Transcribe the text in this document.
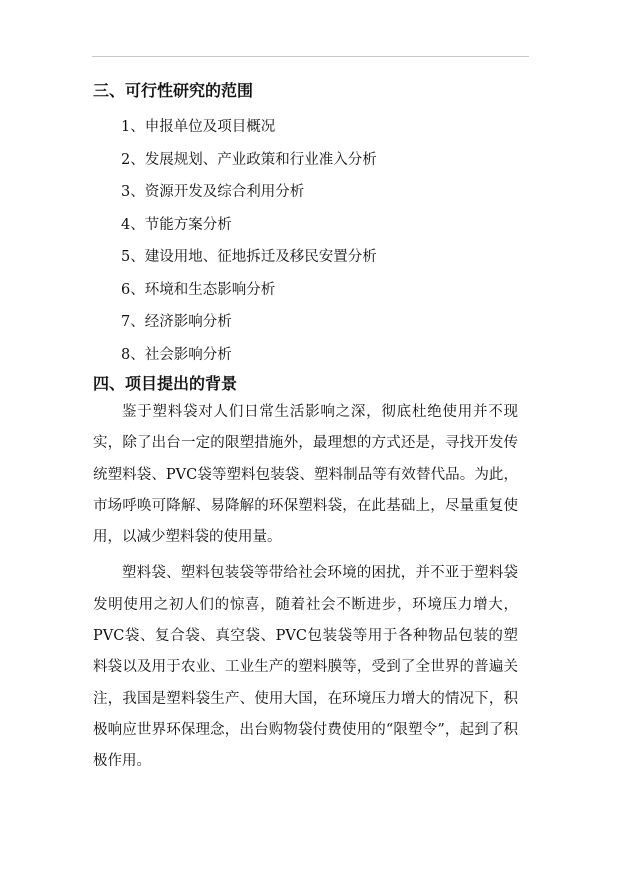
三、可行性研究的范围
1、申报单位及项目概况
2、发展规划、产业政策和行业准入分析
3、资源开发及综合利用分析
4、节能方案分析
5、建设用地、征地拆迁及移民安置分析
6、环境和生态影响分析
7、经济影响分析
8、社会影响分析
四、项目提出的背景

鉴于塑料袋对人们日常生活影响之深，彻底杜绝使用并不现实，除了出台一定的限塑措施外，最理想的方式还是，寻找开发传统塑料袋、PVC袋等塑料包装袋、塑料制品等有效替代品。为此，市场呼唤可降解、易降解的环保塑料袋，在此基础上，尽量重复使用，以减少塑料袋的使用量。

塑料袋、塑料包装袋等带给社会环境的困扰，并不亚于塑料袋发明使用之初人们的惊喜，随着社会不断进步，环境压力增大，PVC袋、复合袋、真空袋、PVC包装袋等用于各种物品包装的塑料袋以及用于农业、工业生产的塑料膜等，受到了全世界的普遍关注，我国是塑料袋生产、使用大国，在环境压力增大的情况下，积极响应世界环保理念，出台购物袋付费使用的“限塑令”，起到了积极作用。
